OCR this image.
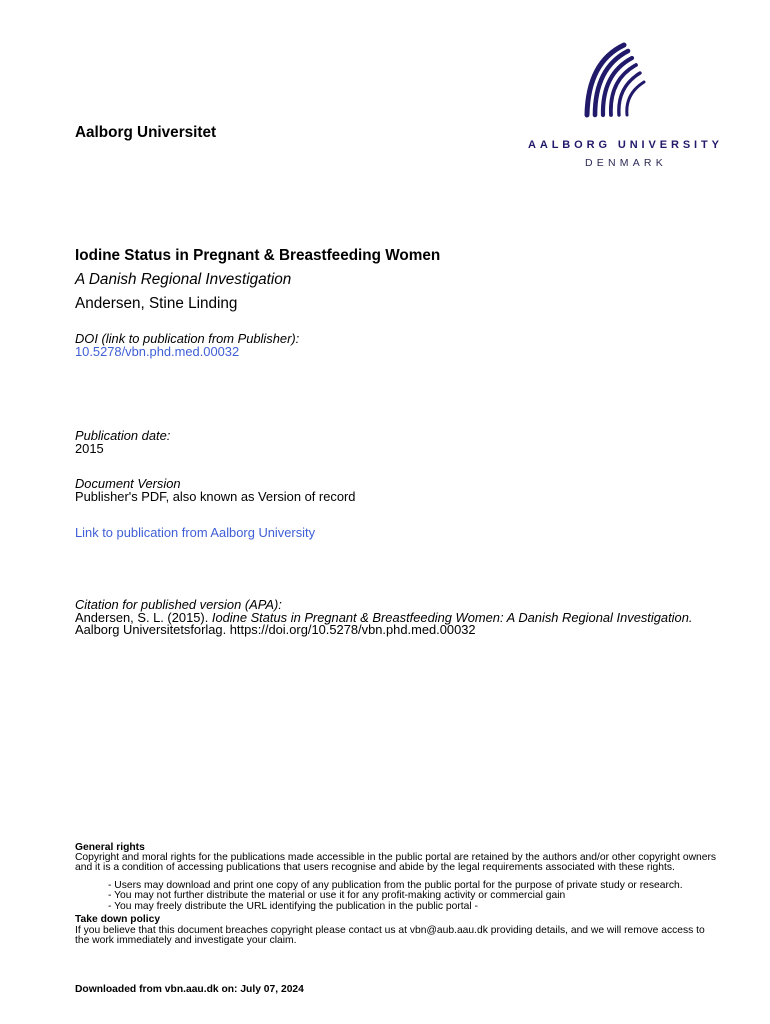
Aalborg Universitet
AALBORG UNIVERSITY
DENMARK
Iodine Status in Pregnant & Breastfeeding Women
A Danish Regional Investigation
Andersen, Stine Linding
DOI (link to publication from Publisher):
10.5278/vbn.phd.med.00032
Publication date:
2015
Document Version
Publisher's PDF, also known as Version of record
Link to publication from Aalborg University
Citation for published version (APA):
Andersen, S. L. (2015). Iodine Status in Pregnant & Breastfeeding Women: A Danish Regional Investigation.
Aalborg Universitetsforlag. https://doi.org/10.5278/vbn.phd.med.00032
General rights
Copyright and moral rights for the publications made accessible in the public portal are retained by the authors and/or other copyright owners
and it is a condition of accessing publications that users recognise and abide by the legal requirements associated with these rights.
- Users may download and print one copy of any publication from the public portal for the purpose of private study or research.
- You may not further distribute the material or use it for any profit-making activity or commercial gain
- You may freely distribute the URL identifying the publication in the public portal -
Take down policy
If you believe that this document breaches copyright please contact us at vbn@aub.aau.dk providing details, and we will remove access to
the work immediately and investigate your claim.
Downloaded from vbn.aau.dk on: July 07, 2024
